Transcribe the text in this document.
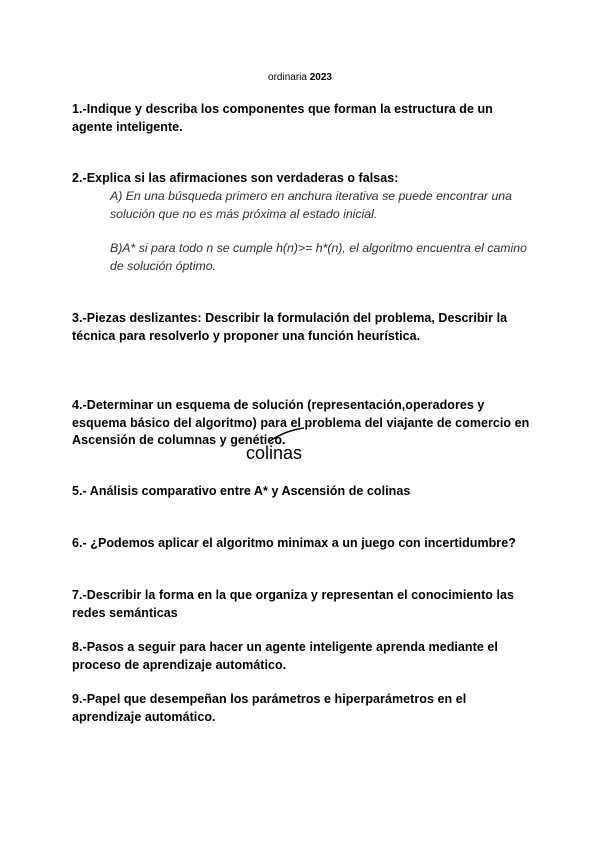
ordinaria 2023
1.-Indique y describa los componentes que forman la estructura de un agente inteligente.
2.-Explica si las afirmaciones son verdaderas o falsas:
A) En una búsqueda primero en anchura iterativa se puede encontrar una solución que no es más próxima al estado inicial.
B)A* si para todo n se cumple h(n)>= h*(n), el algoritmo encuentra el camino de solución óptimo.
3.-Piezas deslizantes: Describir la formulación del problema, Describir la técnica para resolverlo y proponer una función heurística.
4.-Determinar un esquema de solución (representación,operadores y esquema básico del algoritmo) para el problema del viajante de comercio en Ascensión de columnas y genético.
colinas
5.- Análisis comparativo entre A* y Ascensión de colinas
6.- ¿Podemos aplicar el algoritmo minimax a un juego con incertidumbre?
7.-Describir la forma en la que organiza y representan el conocimiento las redes semánticas
8.-Pasos a seguir para hacer un agente inteligente aprenda mediante el proceso de aprendizaje automático.
9.-Papel que desempeñan los parámetros e hiperparámetros en el aprendizaje automático.
